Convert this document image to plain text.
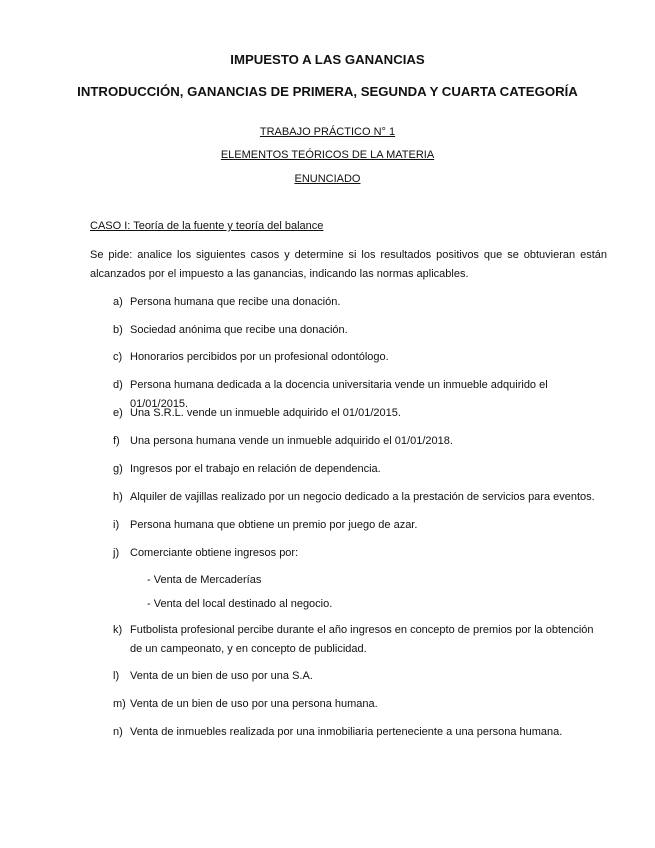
IMPUESTO A LAS GANANCIAS
INTRODUCCIÓN, GANANCIAS DE PRIMERA, SEGUNDA Y CUARTA CATEGORÍA
TRABAJO PRÁCTICO N° 1
ELEMENTOS TEÓRICOS DE LA MATERIA
ENUNCIADO
CASO I: Teoría de la fuente y teoría del balance
Se pide: analice los siguientes casos y determine si los resultados positivos que se obtuvieran están alcanzados por el impuesto a las ganancias, indicando las normas aplicables.
a) Persona humana que recibe una donación.
b) Sociedad anónima que recibe una donación.
c) Honorarios percibidos por un profesional odontólogo.
d) Persona humana dedicada a la docencia universitaria vende un inmueble adquirido el 01/01/2015.
e) Una S.R.L. vende un inmueble adquirido el 01/01/2015.
f) Una persona humana vende un inmueble adquirido el 01/01/2018.
g) Ingresos por el trabajo en relación de dependencia.
h) Alquiler de vajillas realizado por un negocio dedicado a la prestación de servicios para eventos.
i) Persona humana que obtiene un premio por juego de azar.
j) Comerciante obtiene ingresos por:
- Venta de Mercaderías
- Venta del local destinado al negocio.
k) Futbolista profesional percibe durante el año ingresos en concepto de premios por la obtención de un campeonato, y en concepto de publicidad.
l) Venta de un bien de uso por una S.A.
m) Venta de un bien de uso por una persona humana.
n) Venta de inmuebles realizada por una inmobiliaria perteneciente a una persona humana.
